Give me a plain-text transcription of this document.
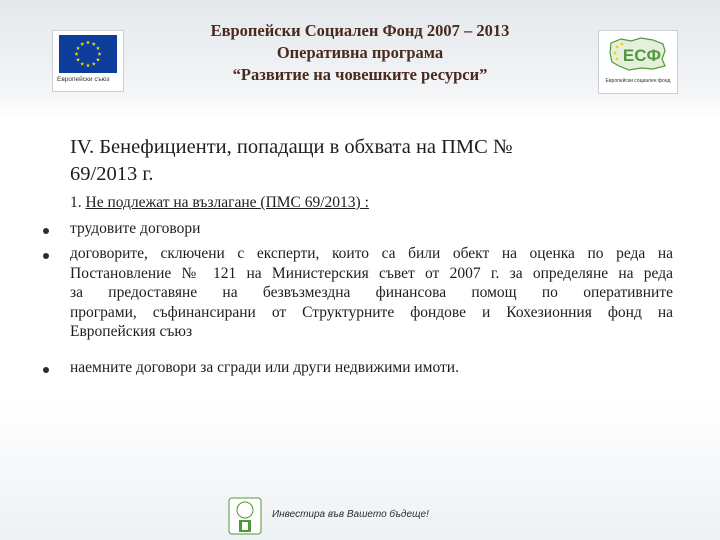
Европейски съюз
Европейски Социален Фонд 2007 – 2013
Оперативна програма
“Развитие на човешките ресурси”
ЕСФ
Европейски социален фонд
IV. Бенефициенти, попадащи в обхвата на ПМС №
69/2013 г.
1. Не подлежат на възлагане (ПМС 69/2013) :
трудовите договори
договорите, сключени с експерти, които са били обект на оценка по реда на
Постановление № 121 на Министерския съвет от 2007 г. за определяне на реда
за предоставяне на безвъзмездна финансова помощ по оперативните
програми, съфинансирани от Структурните фондове и Кохезионния фонд на
Европейския съюз
наемните договори за сгради или други недвижими имоти.
Инвестира във Вашето бъдеще!
